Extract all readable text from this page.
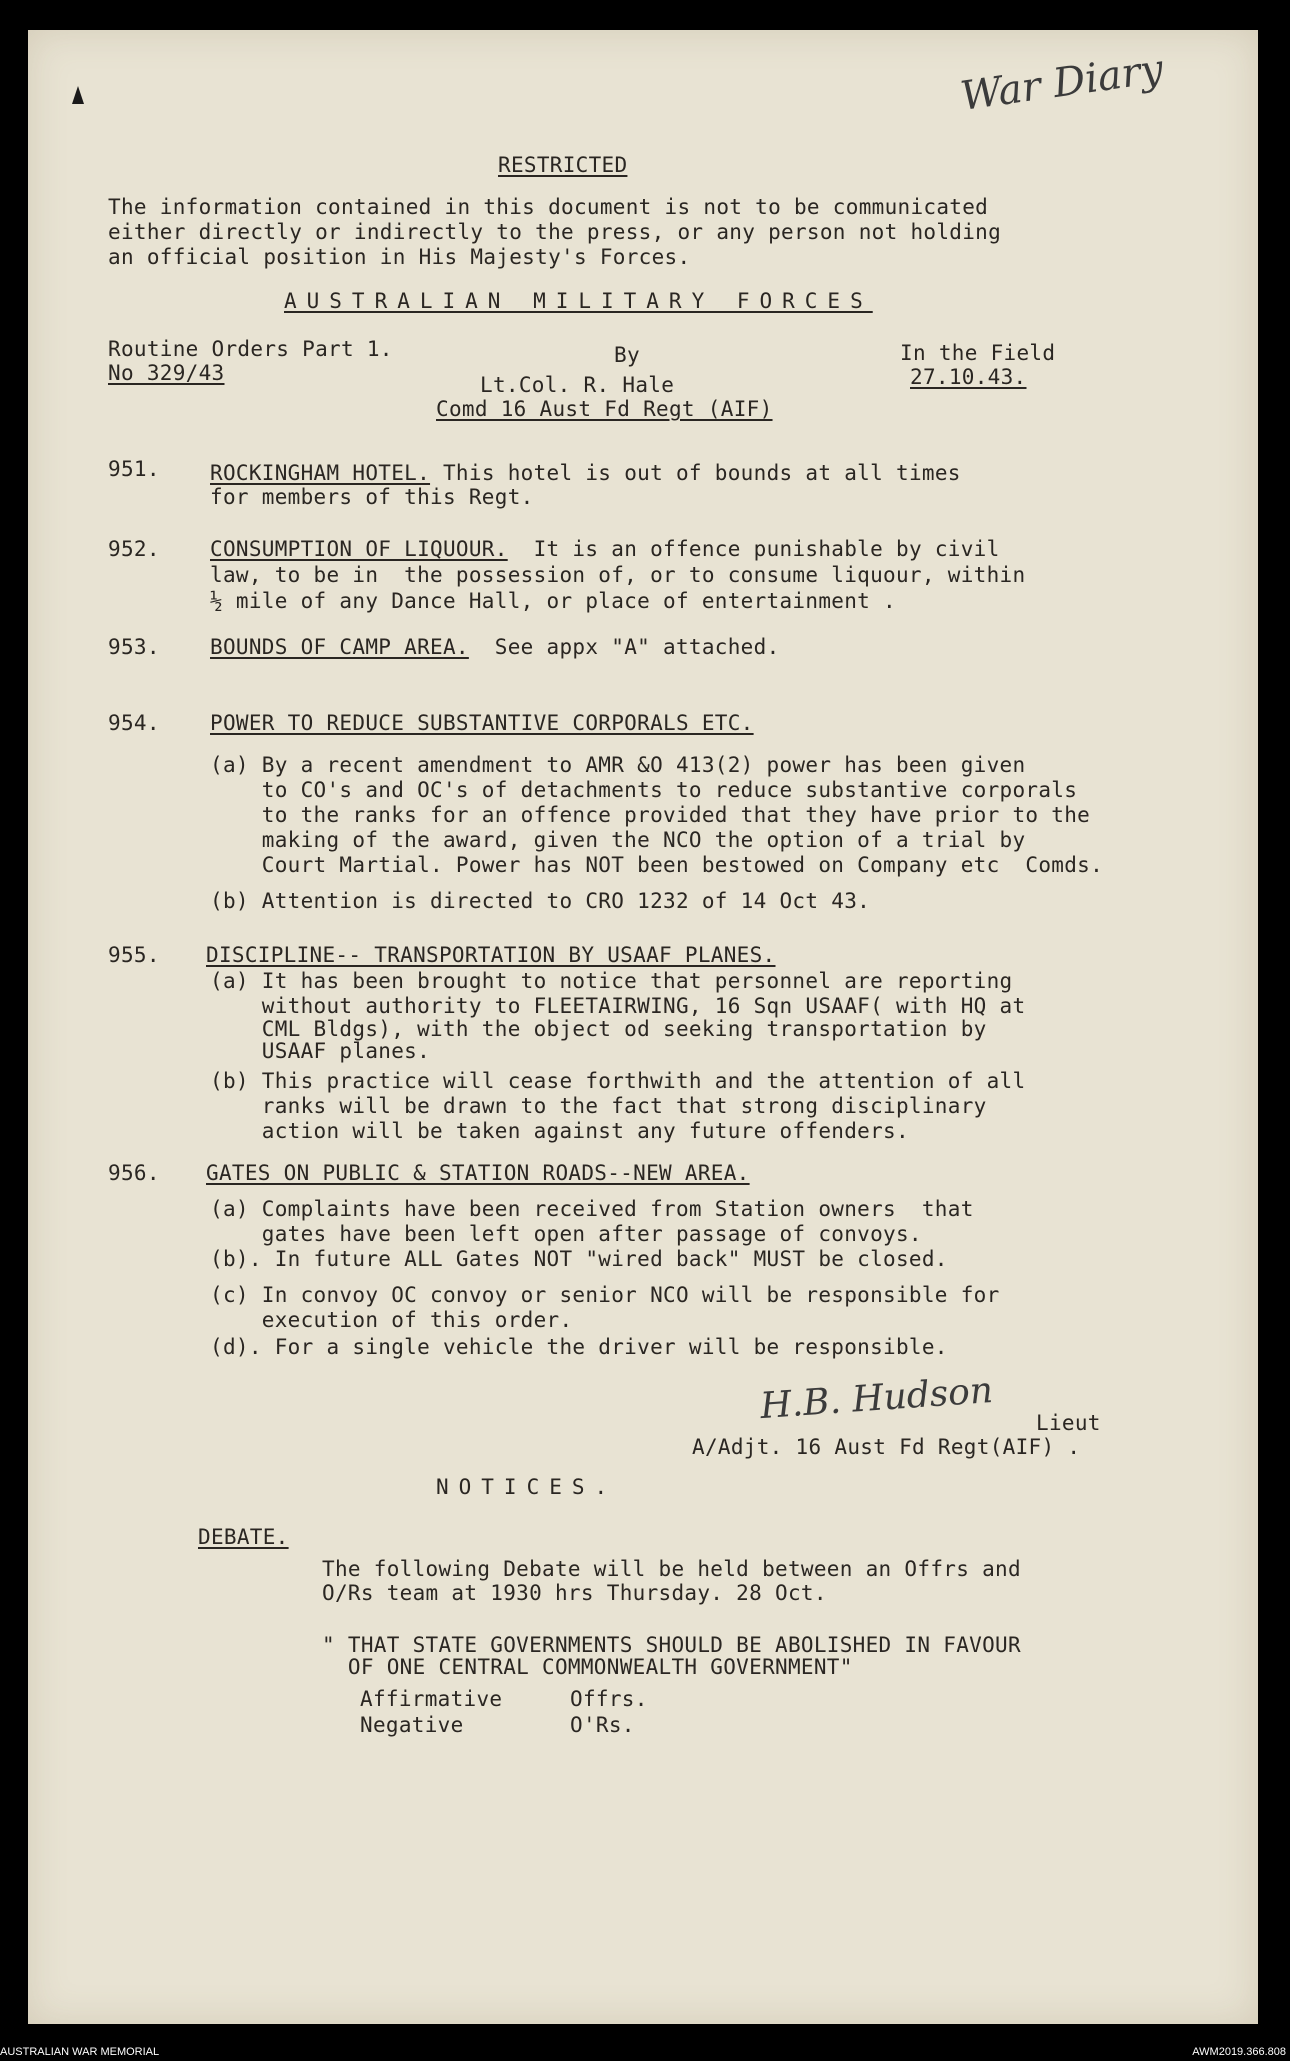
War Diary
RESTRICTED
The information contained in this document is not to be communicated
either directly or indirectly to the press, or any person not holding
an official position in His Majesty's Forces.
AUSTRALIAN MILITARY FORCES
Routine Orders Part 1.
No 329/43
By
Lt.Col. R. Hale
Comd 16 Aust Fd Regt (AIF)
In the Field
27.10.43.
951. ROCKINGHAM HOTEL. This hotel is out of bounds at all times
for members of this Regt.
952. CONSUMPTION OF LIQUOUR.  It is an offence punishable by civil
law, to be in  the possession of, or to consume liquour, within
½ mile of any Dance Hall, or place of entertainment .
953. BOUNDS OF CAMP AREA.  See appx "A" attached.
954. POWER TO REDUCE SUBSTANTIVE CORPORALS ETC.
(a) By a recent amendment to AMR &O 413(2) power has been given
to CO's and OC's of detachments to reduce substantive corporals
to the ranks for an offence provided that they have prior to the
making of the award, given the NCO the option of a trial by
Court Martial. Power has NOT been bestowed on Company etc  Comds.
(b) Attention is directed to CRO 1232 of 14 Oct 43.
955. DISCIPLINE-- TRANSPORTATION BY USAAF PLANES.
(a) It has been brought to notice that personnel are reporting
without authority to FLEETAIRWING, 16 Sqn USAAF( with HQ at
CML Bldgs), with the object od seeking transportation by
USAAF planes.
(b) This practice will cease forthwith and the attention of all
ranks will be drawn to the fact that strong disciplinary
action will be taken against any future offenders.
956. GATES ON PUBLIC & STATION ROADS--NEW AREA.
(a) Complaints have been received from Station owners  that
gates have been left open after passage of convoys.
(b). In future ALL Gates NOT "wired back" MUST be closed.
(c) In convoy OC convoy or senior NCO will be responsible for
execution of this order.
(d). For a single vehicle the driver will be responsible.
H.B. Hudson Lieut
A/Adjt. 16 Aust Fd Regt(AIF) .
NOTICES.
DEBATE.
The following Debate will be held between an Offrs and
O/Rs team at 1930 hrs Thursday. 28 Oct.
" THAT STATE GOVERNMENTS SHOULD BE ABOLISHED IN FAVOUR
OF ONE CENTRAL COMMONWEALTH GOVERNMENT"
Affirmative	Offrs.
Negative	O'Rs.
AUSTRALIAN WAR MEMORIAL	AWM2019.366.808
